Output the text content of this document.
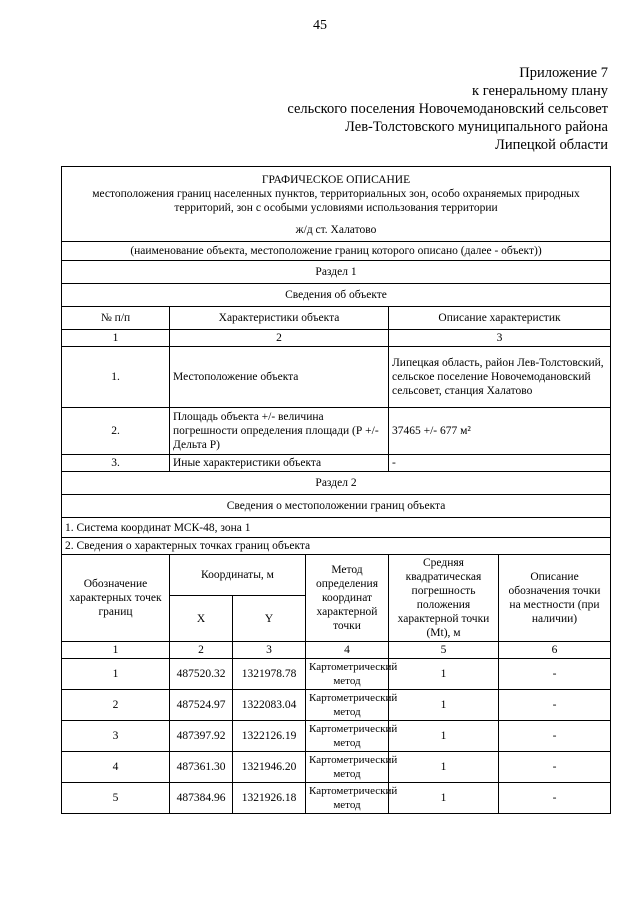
45
Приложение 7
к генеральному плану
сельского поселения Новочемодановский сельсовет
Лев-Толстовского муниципального района
Липецкой области
ГРАФИЧЕСКОЕ ОПИСАНИЕ
местоположения границ населенных пунктов, территориальных зон, особо охраняемых природных территорий, зон с особыми условиями использования территории
ж/д ст. Халатово					

(наименование объекта, местоположение границ которого описано (далее - объект))					
Раздел 1					
Сведения об объекте					
№ п/п	Характеристики объекта			Описание характеристик	
1	2			3	
1.	Местоположение объекта			Липецкая область, район Лев-Толстовский, сельское поселение Новочемодановский сельсовет, станция Халатово	
2.	Площадь объекта +/- величина погрешности определения площади (Р +/- Дельта Р)			37465 +/- 677 м²	
3.	Иные характеристики объекта			-	
Раздел 2					
Сведения о местоположении границ объекта					
1. Система координат МСК-48, зона 1					
2. Сведения о характерных точках границ объекта					
Обозначение характерных точек границ	Координаты, м		Метод определения координат характерной точки	Средняя квадратическая погрешность положения характерной точки (Mt), м	Описание обозначения точки на местности (при наличии)
	X	Y			
1	2	3	4	5	6
1	487520.32	1321978.78	Картометрический метод	1	-
2	487524.97	1322083.04	Картометрический метод	1	-
3	487397.92	1322126.19	Картометрический метод	1	-
4	487361.30	1321946.20	Картометрический метод	1	-
5	487384.96	1321926.18	Картометрический метод	1	-
